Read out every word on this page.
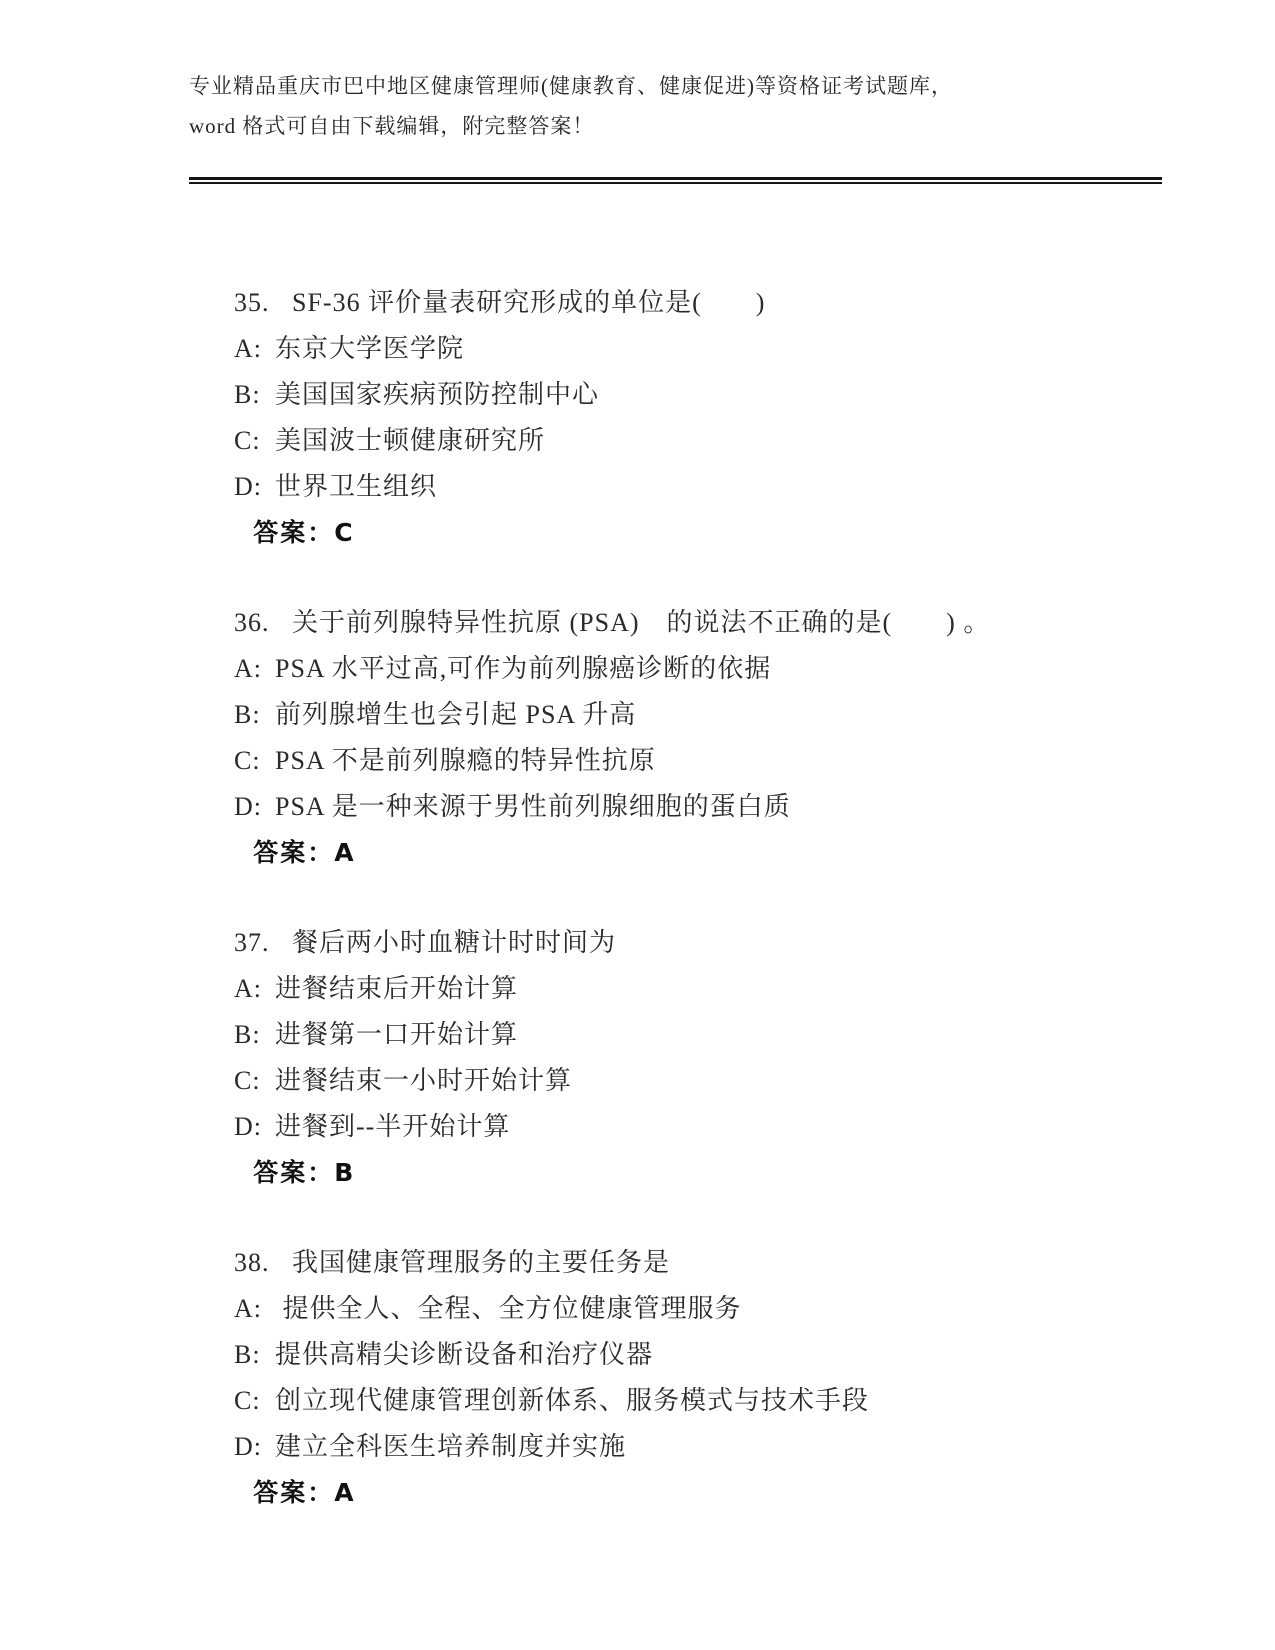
专业精品重庆市巴中地区健康管理师(健康教育、健康促进)等资格证考试题库，
word 格式可自由下载编辑，附完整答案！

35. SF-36 评价量表研究形成的单位是(　　)

A: 东京大学医学院

B: 美国国家疾病预防控制中心

C: 美国波士顿健康研究所

D: 世界卫生组织

答案：C

36. 关于前列腺特异性抗原 (PSA)　的说法不正确的是(　　) 。

A: PSA 水平过高,可作为前列腺癌诊断的依据

B: 前列腺增生也会引起 PSA 升高

C: PSA 不是前列腺瘾的特异性抗原

D: PSA 是一种来源于男性前列腺细胞的蛋白质

答案：A

37. 餐后两小时血糖计时时间为

A: 进餐结束后开始计算

B: 进餐第一口开始计算

C: 进餐结束一小时开始计算

D: 进餐到--半开始计算

答案：B

38. 我国健康管理服务的主要任务是

A: 提供全人、全程、全方位健康管理服务

B: 提供高精尖诊断设备和治疗仪器

C: 创立现代健康管理创新体系、服务模式与技术手段

D: 建立全科医生培养制度并实施

答案：A
